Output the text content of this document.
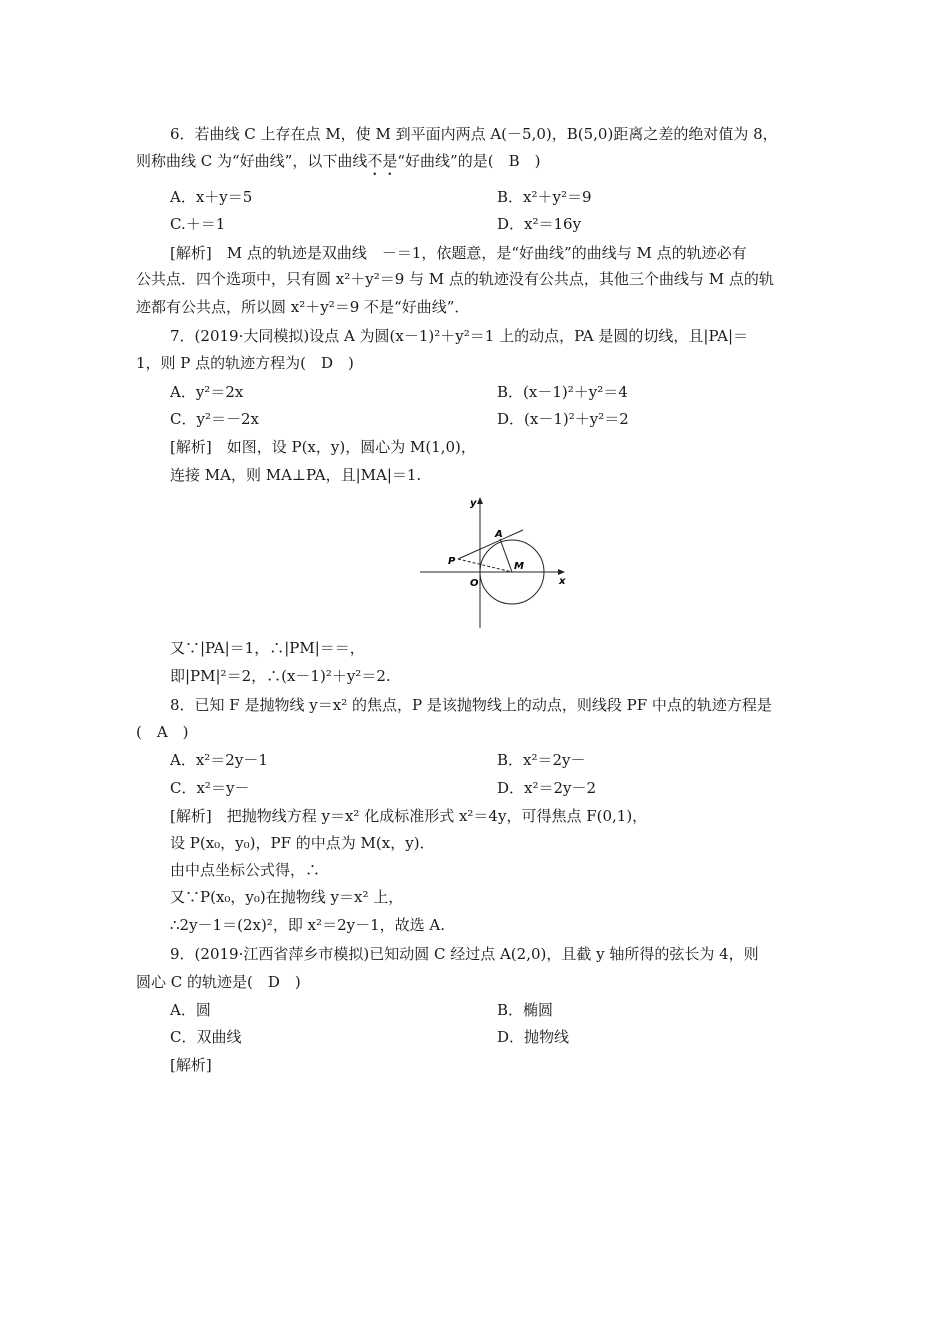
6．若曲线 C 上存在点 M，使 M 到平面内两点 A(－5,0)，B(5,0)距离之差的绝对值为 8，
则称曲线 C 为“好曲线”，以下曲线不是“好曲线”的是(　B　)
A．x＋y＝5	B．x²＋y²＝9
C.＋＝1	D．x²＝16y
[解析]　M 点的轨迹是双曲线　－＝1，依题意，是“好曲线”的曲线与 M 点的轨迹必有
公共点．四个选项中，只有圆 x²＋y²＝9 与 M 点的轨迹没有公共点，其他三个曲线与 M 点的轨
迹都有公共点，所以圆 x²＋y²＝9 不是“好曲线”．
7．(2019·大同模拟)设点 A 为圆(x－1)²＋y²＝1 上的动点，PA 是圆的切线，且|PA|＝
1，则 P 点的轨迹方程为(　D　)
A．y²＝2x	B．(x－1)²＋y²＝4
C．y²＝－2x	D．(x－1)²＋y²＝2
[解析]　如图，设 P(x，y)，圆心为 M(1,0)，
连接 MA，则 MA⊥PA，且|MA|＝1.
y
x
A
P
O
M
又∵|PA|＝1，∴|PM|＝＝，
即|PM|²＝2，∴(x－1)²＋y²＝2.
8．已知 F 是抛物线 y＝x² 的焦点，P 是该抛物线上的动点，则线段 PF 中点的轨迹方程是
(　A　)
A．x²＝2y－1	B．x²＝2y－
C．x²＝y－	D．x²＝2y－2
[解析]　把抛物线方程 y＝x² 化成标准形式 x²＝4y，可得焦点 F(0,1)，
设 P(x₀，y₀)，PF 的中点为 M(x，y)．
由中点坐标公式得，∴
又∵P(x₀，y₀)在抛物线 y＝x² 上，
∴2y－1＝(2x)²，即 x²＝2y－1，故选 A.
9．(2019·江西省萍乡市模拟)已知动圆 C 经过点 A(2,0)，且截 y 轴所得的弦长为 4，则
圆心 C 的轨迹是(　D　)
A．圆	B．椭圆
C．双曲线	D．抛物线
[解析]
